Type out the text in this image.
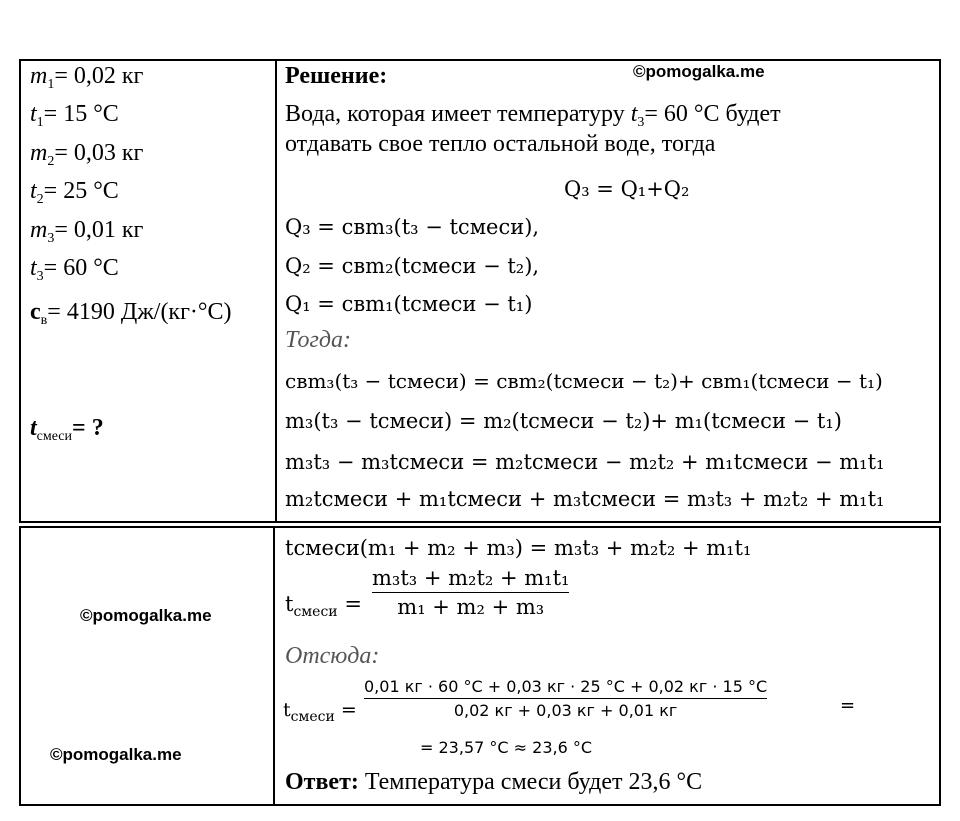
©pomogalka.me
©pomogalka.me
©pomogalka.me
$m_1= 0,02$ кг
$t_1= 15$ °C
$m_2= 0,03$ кг
$t_2= 25$ °C
$m_3= 0,01$ кг
$t_3= 60$ °C
$c_в= 4190$ Дж/(кг·°С)
$t_{смеси}=$ ?
Решение:
Вода, которая имеет температуру $t_3= 60$ °C будет
отдавать свое тепло остальной воде, тогда
Q₃ = Q₁+Q₂
Q₃ = cвm₃(t₃ − tсмеси),
Q₂ = cвm₂(tсмеси − t₂),
Q₁ = cвm₁(tсмеси − t₁)
Тогда:
cвm₃(t₃ − tсмеси) = cвm₂(tсмеси − t₂)+ cвm₁(tсмеси − t₁)
m₃(t₃ − tсмеси) = m₂(tсмеси − t₂)+ m₁(tсмеси − t₁)
m₃t₃ − m₃tсмеси = m₂tсмеси − m₂t₂ + m₁tсмеси − m₁t₁
m₂tсмеси + m₁tсмеси + m₃tсмеси = m₃t₃ + m₂t₂ + m₁t₁
tсмеси(m₁ + m₂ + m₃) = m₃t₃ + m₂t₂ + m₁t₁
$t_{смеси}$ =
m₃t₃ + m₂t₂ + m₁t₁
m₁ + m₂ + m₃
Отсюда:
$t_{смеси}$ =
0,01 кг · 60 °C + 0,03 кг · 25 °C + 0,02 кг · 15 °C
0,02 кг + 0,03 кг + 0,01 кг	=
= 23,57 °C ≈ 23,6 °C
Ответ: Температура смеси будет 23,6 °C
